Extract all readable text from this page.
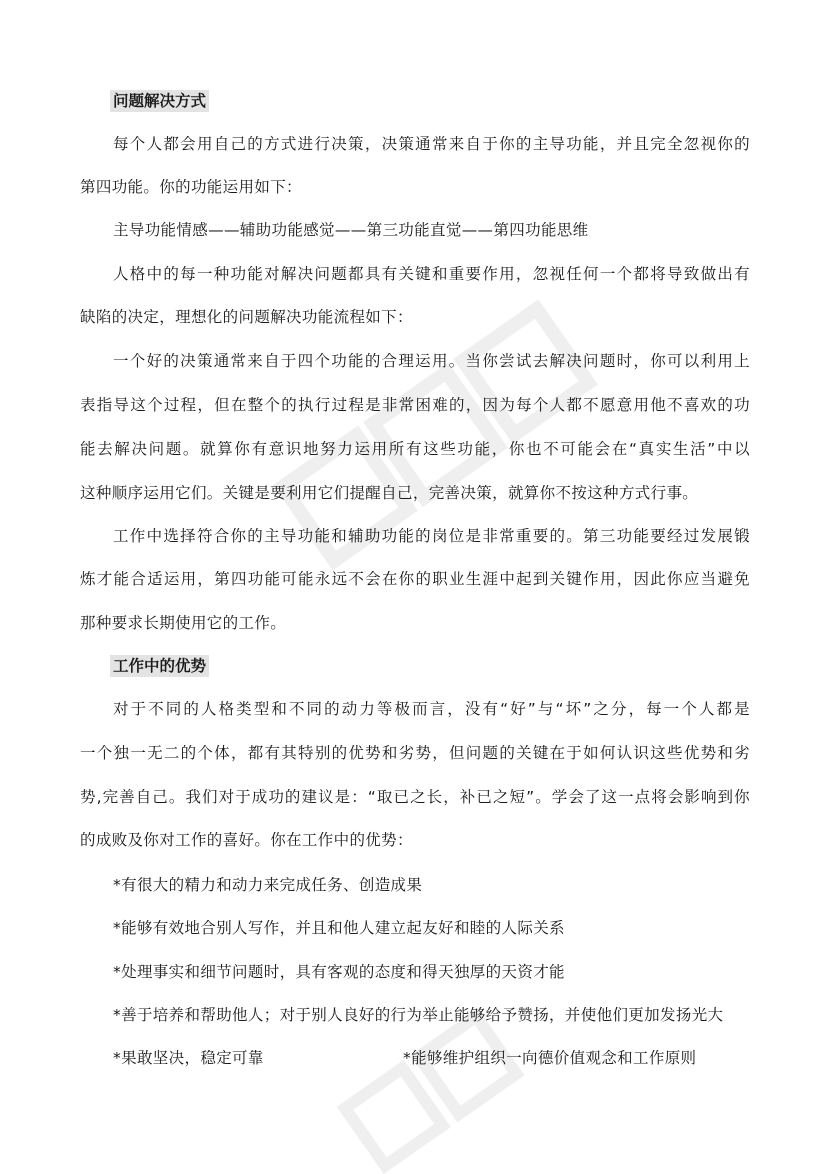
问题解决方式
每个人都会用自己的方式进行决策，决策通常来自于你的主导功能，并且完全忽视你的
第四功能。你的功能运用如下：
主导功能情感——辅助功能感觉——第三功能直觉——第四功能思维
人格中的每一种功能对解决问题都具有关键和重要作用，忽视任何一个都将导致做出有
缺陷的决定，理想化的问题解决功能流程如下：
一个好的决策通常来自于四个功能的合理运用。当你尝试去解决问题时，你可以利用上
表指导这个过程，但在整个的执行过程是非常困难的，因为每个人都不愿意用他不喜欢的功
能去解决问题。就算你有意识地努力运用所有这些功能，你也不可能会在“真实生活”中以
这种顺序运用它们。关键是要利用它们提醒自己，完善决策，就算你不按这种方式行事。
工作中选择符合你的主导功能和辅助功能的岗位是非常重要的。第三功能要经过发展锻
炼才能合适运用，第四功能可能永远不会在你的职业生涯中起到关键作用，因此你应当避免
那种要求长期使用它的工作。
工作中的优势
对于不同的人格类型和不同的动力等极而言，没有“好”与“坏”之分，每一个人都是
一个独一无二的个体，都有其特别的优势和劣势，但问题的关键在于如何认识这些优势和劣
势,完善自己。我们对于成功的建议是：“取已之长，补已之短”。学会了这一点将会影响到你
的成败及你对工作的喜好。你在工作中的优势：
*有很大的精力和动力来完成任务、创造成果
*能够有效地合别人写作，并且和他人建立起友好和睦的人际关系
*处理事实和细节问题时，具有客观的态度和得天独厚的天资才能
*善于培养和帮助他人；对于别人良好的行为举止能够给予赞扬，并使他们更加发扬光大
*果敢坚决，稳定可靠	*能够维护组织一向德价值观念和工作原则
